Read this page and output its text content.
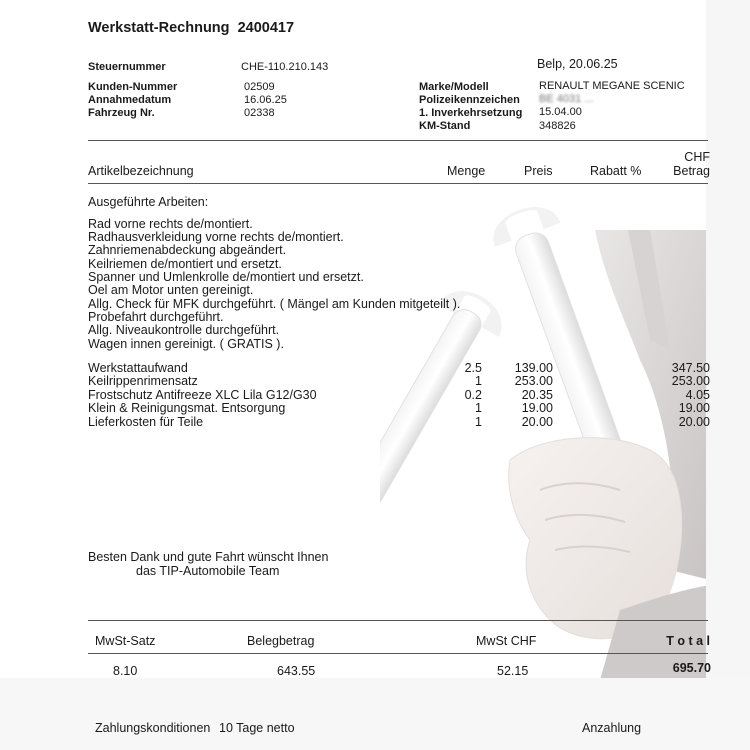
Werkstatt-Rechnung 2400417
Steuernummer	CHE-110.210.143	Belp, 20.06.25
Kunden-Nummer	02509
Annahmedatum	16.06.25
Fahrzeug Nr.	02338
Marke/Modell	RENAULT MEGANE SCENIC
Polizeikennzeichen BE 4031 ...
1. Inverkehrsetzung 15.04.00
KM-Stand	348826
Artikelbezeichnung	Menge	Preis	Rabatt %
CHF
Betrag
Ausgeführte Arbeiten:
Rad vorne rechts de/montiert.
Radhausverkleidung vorne rechts de/montiert.
Zahnriemenabdeckung abgeändert.
Keilriemen de/montiert und ersetzt.
Spanner und Umlenkrolle de/montiert und ersetzt.
Oel am Motor unten gereinigt.
Allg. Check für MFK durchgeführt. ( Mängel am Kunden mitgeteilt ).
Probefahrt durchgeführt.
Allg. Niveaukontrolle durchgeführt.
Wagen innen gereinigt. ( GRATIS ).
Werkstattaufwand	2.5	139.00	347.50
Keilrippenrimensatz	1	253.00	253.00
Frostschutz Antifreeze XLC Lila G12/G30	0.2	20.35	4.05
Klein & Reinigungsmat. Entsorgung	1	19.00	19.00
Lieferkosten für Teile	1	20.00	20.00
Besten Dank und gute Fahrt wünscht Ihnen
das TIP-Automobile Team
MwSt-Satz	Belegbetrag	MwSt CHF	T o t a l
8.10	643.55	52.15	695.70
Zahlungskonditionen 10 Tage netto	Anzahlung
